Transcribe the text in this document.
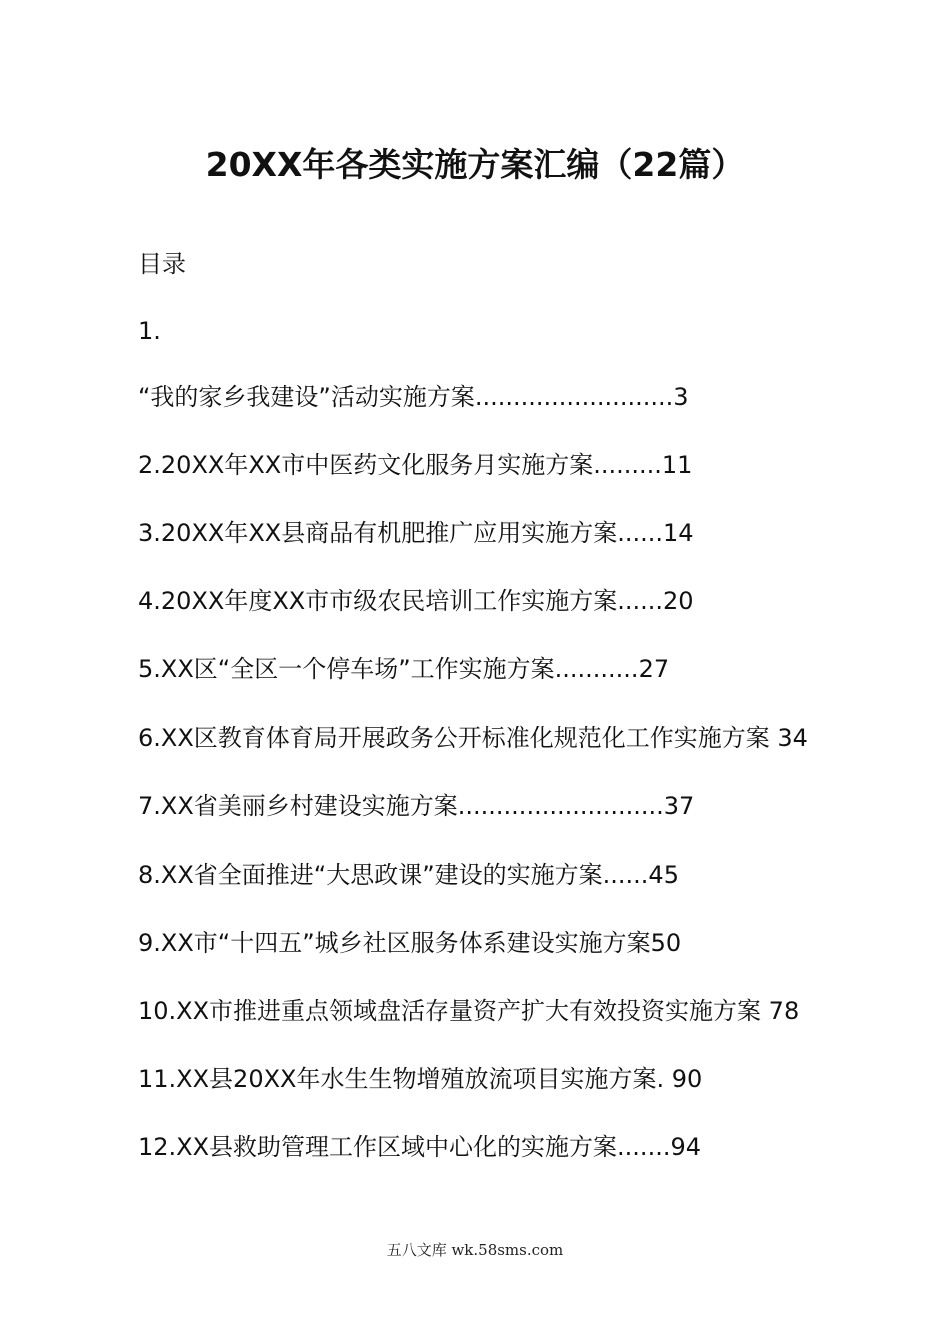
20XX年各类实施方案汇编（22篇）
目录
1.
“我的家乡我建设”活动实施方案..........................3
2.20XX年XX市中医药文化服务月实施方案.........11
3.20XX年XX县商品有机肥推广应用实施方案......14
4.20XX年度XX市市级农民培训工作实施方案......20
5.XX区“全区一个停车场”工作实施方案...........27
6.XX区教育体育局开展政务公开标准化规范化工作实施方案 34
7.XX省美丽乡村建设实施方案...........................37
8.XX省全面推进“大思政课”建设的实施方案......45
9.XX市“十四五”城乡社区服务体系建设实施方案50
10.XX市推进重点领域盘活存量资产扩大有效投资实施方案 78
11.XX县20XX年水生生物增殖放流项目实施方案. 90
12.XX县救助管理工作区域中心化的实施方案.......94
五八文库 wk.58sms.com
